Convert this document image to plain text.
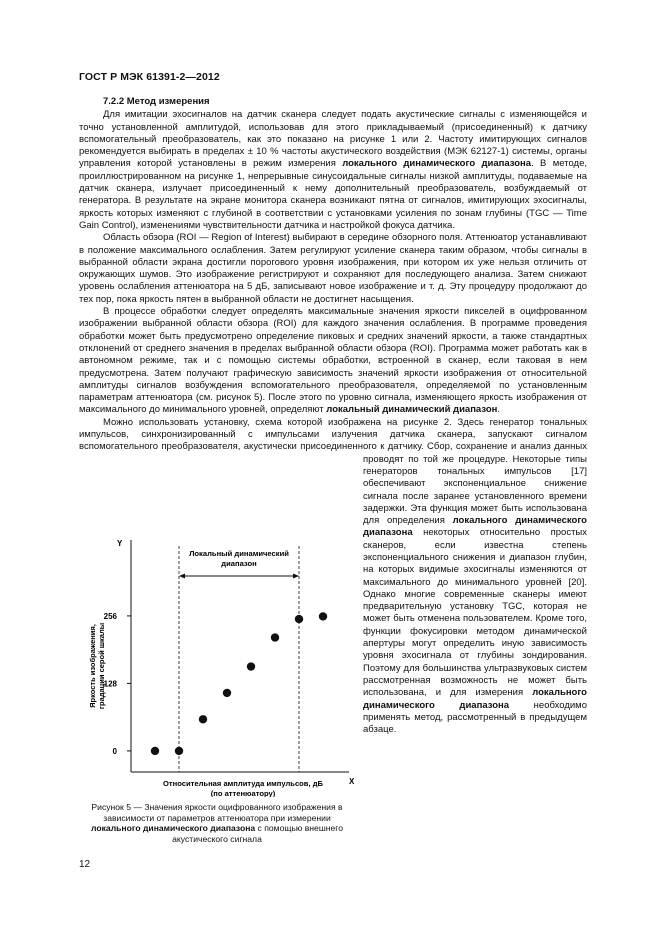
ГОСТ Р МЭК 61391-2—2012
7.2.2 Метод измерения

Для имитации эхосигналов на датчик сканера следует подать акустические сигналы с изменяющейся и точно установленной амплитудой, использовав для этого прикладываемый (присоединенный) к датчику вспомогательный преобразователь, как это показано на рисунке 1 или 2. Частоту имитирующих сигналов рекомендуется выбирать в пределах ± 10 % частоты акустического воздействия (МЭК 62127-1) системы, органы управления которой установлены в режим измерения локального динамического диапазона. В методе, проиллюстрированном на рисунке 1, непрерывные синусоидальные сигналы низкой амплитуды, подаваемые на датчик сканера, излучает присоединенный к нему дополнительный преобразователь, возбуждаемый от генератора. В результате на экране монитора сканера возникают пятна от сигналов, имитирующих эхосигналы, яркость которых изменяют с глубиной в соответствии с установками усиления по зонам глубины (TGC — Time Gain Control), изменениями чувствительности датчика и настройкой фокуса датчика.

Область обзора (ROI — Region of Interest) выбирают в середине обзорного поля. Аттенюатор устанавливают в положение максимального ослабления. Затем регулируют усиление сканера таким образом, чтобы сигналы в выбранной области экрана достигли порогового уровня изображения, при котором их уже нельзя отличить от окружающих шумов. Это изображение регистрируют и сохраняют для последующего анализа. Затем снижают уровень ослабления аттенюатора на 5 дБ, записывают новое изображение и т. д. Эту процедуру продолжают до тех пор, пока яркость пятен в выбранной области не достигнет насыщения.

В процессе обработки следует определять максимальные значения яркости пикселей в оцифрованном изображении выбранной области обзора (ROI) для каждого значения ослабления. В программе проведения обработки может быть предусмотрено определение пиковых и средних значений яркости, а также стандартных отклонений от среднего значения в пределах выбранной области обзора (ROI). Программа может работать как в автономном режиме, так и с помощью системы обработки, встроенной в сканер, если таковая в нем предусмотрена. Затем получают графическую зависимость значений яркости изображения от относительной амплитуды сигналов возбуждения вспомогательного преобразователя, определяемой по установленным параметрам аттенюатора (см. рисунок 5). После этого по уровню сигнала, изменяющего яркость изображения от максимального до минимального уровней, определяют локальный динамический диапазон.

Можно использовать установку, схема которой изображена на рисунке 2. Здесь генератор тональных импульсов, синхронизированный с импульсами излучения датчика сканера, запускают сигналом вспомогательного преобразователя, акустически присоединенного к датчику. Сбор, сохранение и анализ данных проводят по той же процедуре. Некоторые типы генераторов тональных импульсов [17] обеспечивают экспоненциальное снижение сигнала после заранее установленного времени задержки. Эта функция может быть использована для определения локального динамического диапазона некоторых относительно простых сканеров, если известна степень экспоненциального снижения и диапазон глубин, на которых видимые эхосигналы изменяются от максимального до минимального уровней [20]. Однако многие современные сканеры имеют предварительную установку TGC, которая не может быть отменена пользователем. Кроме того, функции фокусировки методом динамической апертуры могут определить иную зависимость уровня эхосигнала от глубины зондирования. Поэтому для большинства ультразвуковых систем рассмотренная возможность не может быть использована, и для измерения локального динамического диапазона необходимо применять метод, рассмотренный в предыдущем абзаце.

Y
X
0
128
256
Яркость изображения,градации серой шкалы
Относительная амплитуда импульсов, дБ
(по аттенюатору)
Локальный динамический
диапазон
Рисунок 5 — Значения яркости оцифрованного изображения в зависимости от параметров аттенюатора при измерении локального динамического диапазона с помощью внешнего акустического сигнала
12
